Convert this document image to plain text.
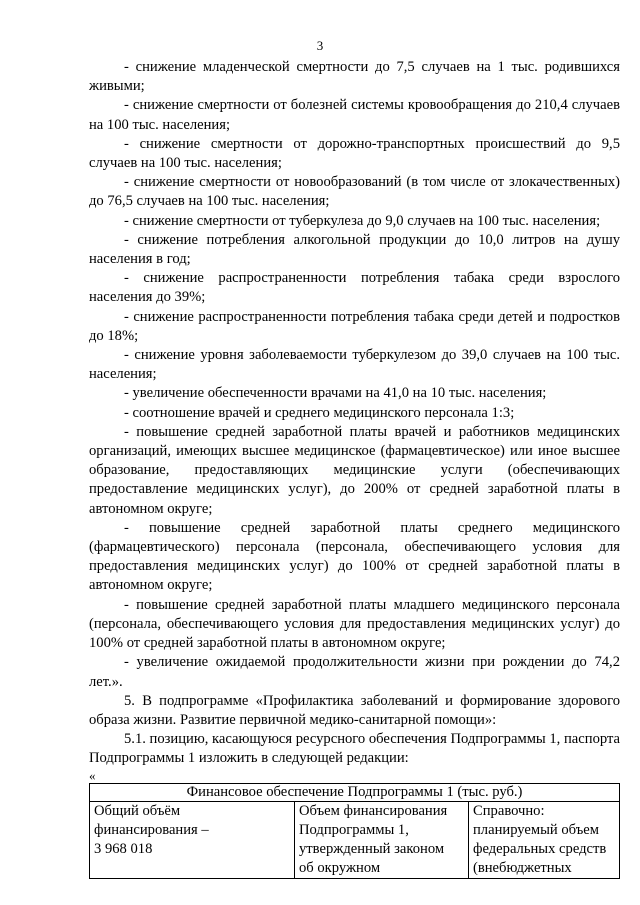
3

- снижение младенческой смертности до 7,5 случаев на 1 тыс. родившихся живыми;

- снижение смертности от болезней системы кровообращения до 210,4 случаев на 100 тыс. населения;

- снижение смертности от дорожно-транспортных происшествий до 9,5 случаев на 100 тыс. населения;

- снижение смертности от новообразований (в том числе от злокачественных) до 76,5 случаев на 100 тыс. населения;

- снижение смертности от туберкулеза до 9,0 случаев на 100 тыс. населения;

- снижение потребления алкогольной продукции до 10,0 литров на душу населения в год;

- снижение распространенности потребления табака среди взрослого населения до 39%;

- снижение распространенности потребления табака среди детей и подростков до 18%;

- снижение уровня заболеваемости туберкулезом до 39,0 случаев на 100 тыс. населения;

- увеличение обеспеченности врачами на 41,0 на 10 тыс. населения;

- соотношение врачей и среднего медицинского персонала 1:3;

- повышение средней заработной платы врачей и работников медицинских организаций, имеющих высшее медицинское (фармацевтическое) или иное высшее образование, предоставляющих медицинские услуги (обеспечивающих предоставление медицинских услуг), до 200% от средней заработной платы в автономном округе;

- повышение средней заработной платы среднего медицинского (фармацевтического) персонала (персонала, обеспечивающего условия для предоставления медицинских услуг) до 100% от средней заработной платы в автономном округе;

- повышение средней заработной платы младшего медицинского персонала (персонала, обеспечивающего условия для предоставления медицинских услуг) до 100% от средней заработной платы в автономном округе;

- увеличение ожидаемой продолжительности жизни при рождении до 74,2 лет.».

5. В подпрограмме «Профилактика заболеваний и формирование здорового образа жизни. Развитие первичной медико-санитарной помощи»:

5.1. позицию, касающуюся ресурсного обеспечения Подпрограммы 1, паспорта Подпрограммы 1 изложить в следующей редакции:

«

Финансовое обеспечение Подпрограммы 1 (тыс. руб.)

Общий объём
финансирования –
3 968 018

Объем финансирования
Подпрограммы 1,
утвержденный законом
об окружном

Справочно:
планируемый объем
федеральных средств
(внебюджетных
